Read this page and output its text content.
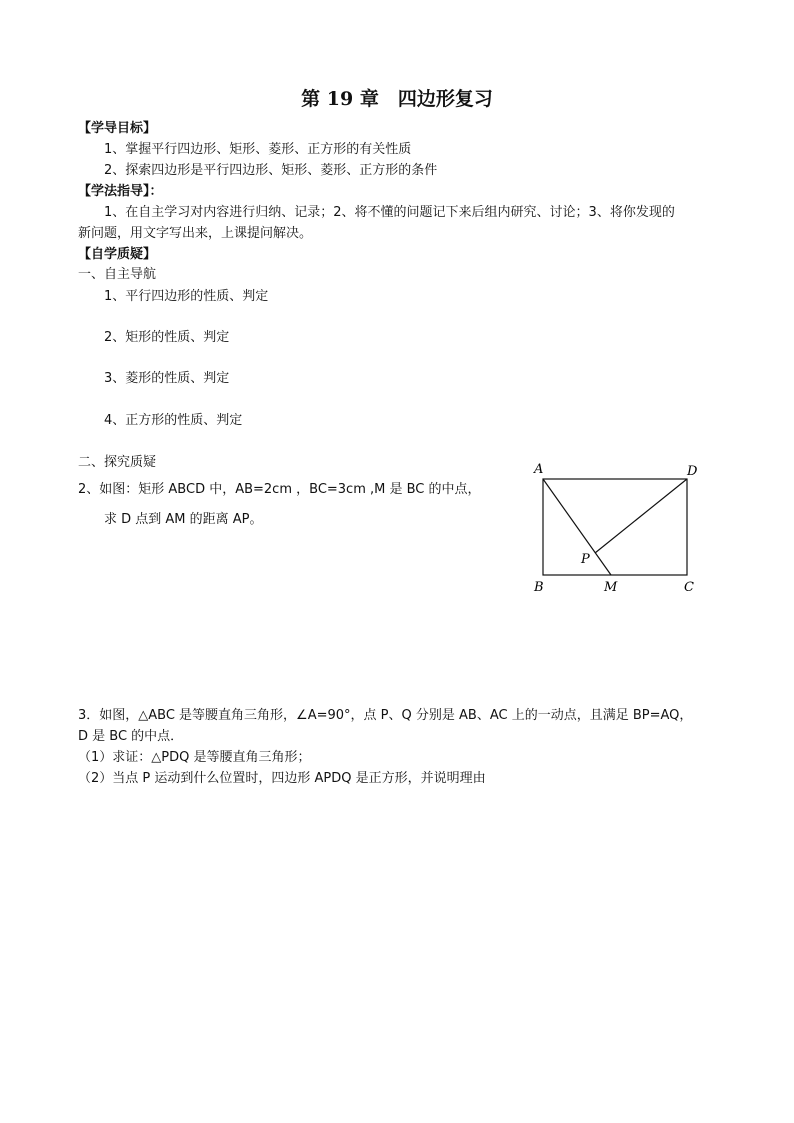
第 19 章　四边形复习
【学导目标】
1、掌握平行四边形、矩形、菱形、正方形的有关性质
2、探索四边形是平行四边形、矩形、菱形、正方形的条件
【学法指导】：
1、在自主学习对内容进行归纳、记录；2、将不懂的问题记下来后组内研究、讨论；3、将你发现的
新问题，用文字写出来，上课提问解决。
【自学质疑】
一、自主导航
1、平行四边形的性质、判定
2、矩形的性质、判定
3、菱形的性质、判定
4、正方形的性质、判定
二、探究质疑
2、如图：矩形 ABCD 中，AB=2cm ，BC=3cm ,M 是 BC 的中点，
求 D 点到 AM 的距离 AP。
A	D
B	M	C
P
3．如图，△ABC 是等腰直角三角形，∠A=90°，点 P、Q 分别是 AB、AC 上的一动点，且满足 BP=AQ，
D 是 BC 的中点．
（1）求证：△PDQ 是等腰直角三角形；
（2）当点 P 运动到什么位置时，四边形 APDQ 是正方形，并说明理由
